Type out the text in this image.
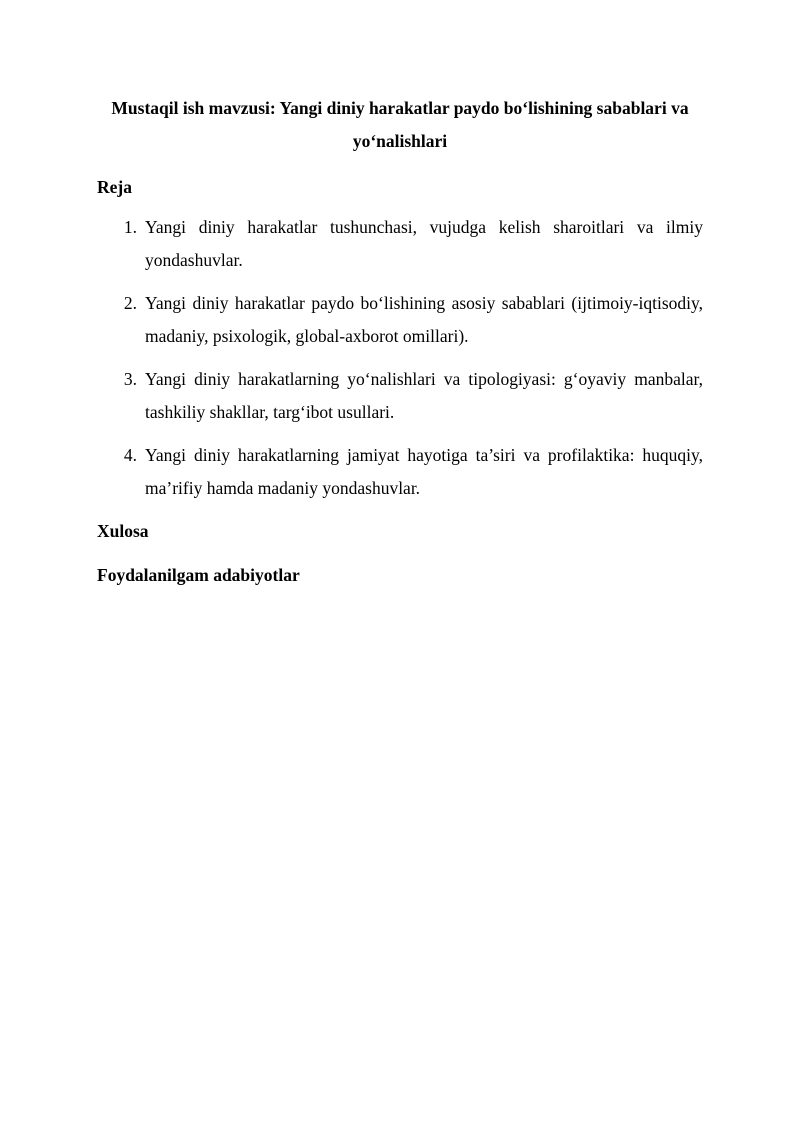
Mustaqil ish mavzusi: Yangi diniy harakatlar paydo bo‘lishining sabablari va yo‘nalishlari

Reja

1. Yangi diniy harakatlar tushunchasi, vujudga kelish sharoitlari va ilmiy yondashuvlar.
2. Yangi diniy harakatlar paydo bo‘lishining asosiy sabablari (ijtimoiy-iqtisodiy, madaniy, psixologik, global-axborot omillari).
3. Yangi diniy harakatlarning yo‘nalishlari va tipologiyasi: g‘oyaviy manbalar, tashkiliy shakllar, targ‘ibot usullari.
4. Yangi diniy harakatlarning jamiyat hayotiga ta’siri va profilaktika: huquqiy, ma’rifiy hamda madaniy yondashuvlar.

Xulosa

Foydalanilgam adabiyotlar
